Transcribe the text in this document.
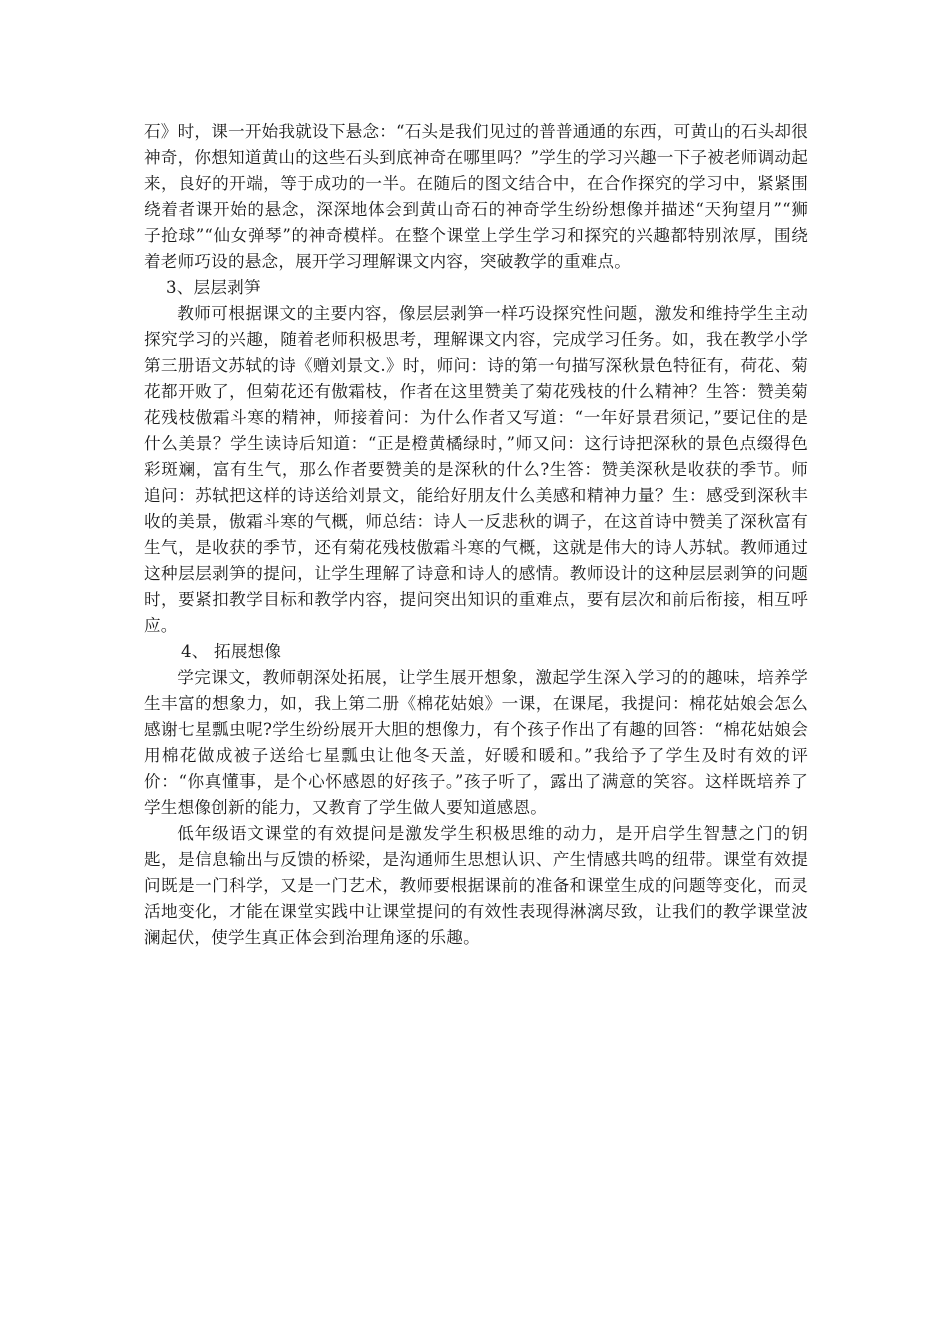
石》时，课一开始我就设下悬念：“石头是我们见过的普普通通的东西，可黄山的石头却很神奇，你想知道黄山的这些石头到底神奇在哪里吗？”学生的学习兴趣一下子被老师调动起来，良好的开端，等于成功的一半。在随后的图文结合中，在合作探究的学习中，紧紧围绕着者课开始的悬念，深深地体会到黄山奇石的神奇学生纷纷想像并描述“天狗望月”“狮子抢球”“仙女弹琴”的神奇模样。在整个课堂上学生学习和探究的兴趣都特别浓厚，围绕着老师巧设的悬念，展开学习理解课文内容，突破教学的重难点。

3、层层剥笋

教师可根据课文的主要内容，像层层剥笋一样巧设探究性问题，激发和维持学生主动探究学习的兴趣，随着老师积极思考，理解课文内容，完成学习任务。如，我在教学小学第三册语文苏轼的诗《赠刘景文.》时，师问：诗的第一句描写深秋景色特征有，荷花、菊花都开败了，但菊花还有傲霜枝，作者在这里赞美了菊花残枝的什么精神？生答：赞美菊花残枝傲霜斗寒的精神，师接着问：为什么作者又写道：“一年好景君须记，”要记住的是什么美景？学生读诗后知道：“正是橙黄橘绿时，”师又问：这行诗把深秋的景色点缀得色彩斑斓，富有生气，那么作者要赞美的是深秋的什么?生答：赞美深秋是收获的季节。师追问：苏轼把这样的诗送给刘景文，能给好朋友什么美感和精神力量？生：感受到深秋丰收的美景，傲霜斗寒的气概，师总结：诗人一反悲秋的调子，在这首诗中赞美了深秋富有生气，是收获的季节，还有菊花残枝傲霜斗寒的气概，这就是伟大的诗人苏轼。教师通过这种层层剥笋的提问，让学生理解了诗意和诗人的感情。教师设计的这种层层剥笋的问题时，要紧扣教学目标和教学内容，提问突出知识的重难点，要有层次和前后衔接，相互呼应。

4、 拓展想像

学完课文，教师朝深处拓展，让学生展开想象，激起学生深入学习的的趣味，培养学生丰富的想象力，如，我上第二册《棉花姑娘》一课，在课尾，我提问：棉花姑娘会怎么感谢七星瓢虫呢?学生纷纷展开大胆的想像力，有个孩子作出了有趣的回答：“棉花姑娘会用棉花做成被子送给七星瓢虫让他冬天盖，好暖和暖和。”我给予了学生及时有效的评价：“你真懂事，是个心怀感恩的好孩子。”孩子听了，露出了满意的笑容。这样既培养了学生想像创新的能力，又教育了学生做人要知道感恩。

低年级语文课堂的有效提问是激发学生积极思维的动力，是开启学生智慧之门的钥匙，是信息输出与反馈的桥梁，是沟通师生思想认识、产生情感共鸣的纽带。课堂有效提问既是一门科学，又是一门艺术，教师要根据课前的准备和课堂生成的问题等变化，而灵活地变化，才能在课堂实践中让课堂提问的有效性表现得淋漓尽致，让我们的教学课堂波澜起伏，使学生真正体会到治理角逐的乐趣。
